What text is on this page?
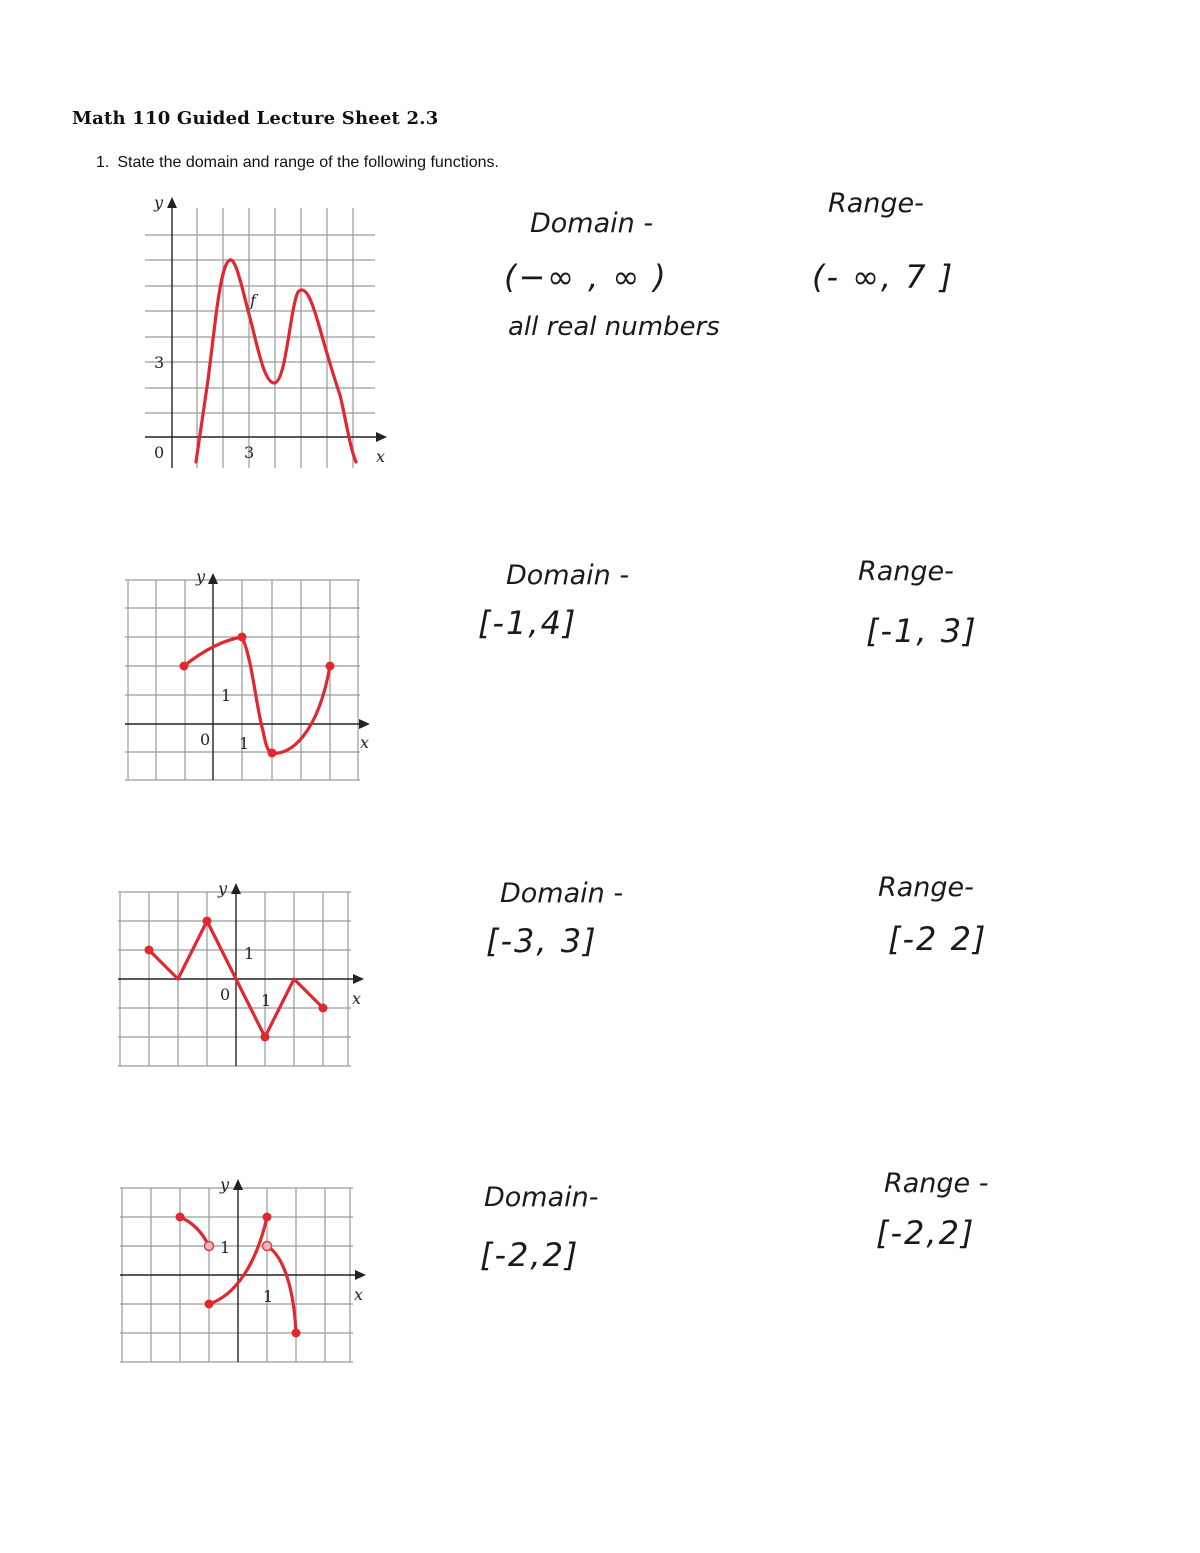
Math 110 Guided Lecture Sheet 2.3
1. State the domain and range of the following functions.
y
x
0	3
3
f
Domain -
(−∞ , ∞ )
all real numbers
Range-
(- ∞, 7 ]
y
x
0 1
1
Domain -
[-1,4]
Range-
[-1, 3]
y
x
0 1
1
Domain -
[-3, 3]
Range-
[-2 2]
y
x
1
1
Domain-
[-2,2]
Range -
[-2,2]
